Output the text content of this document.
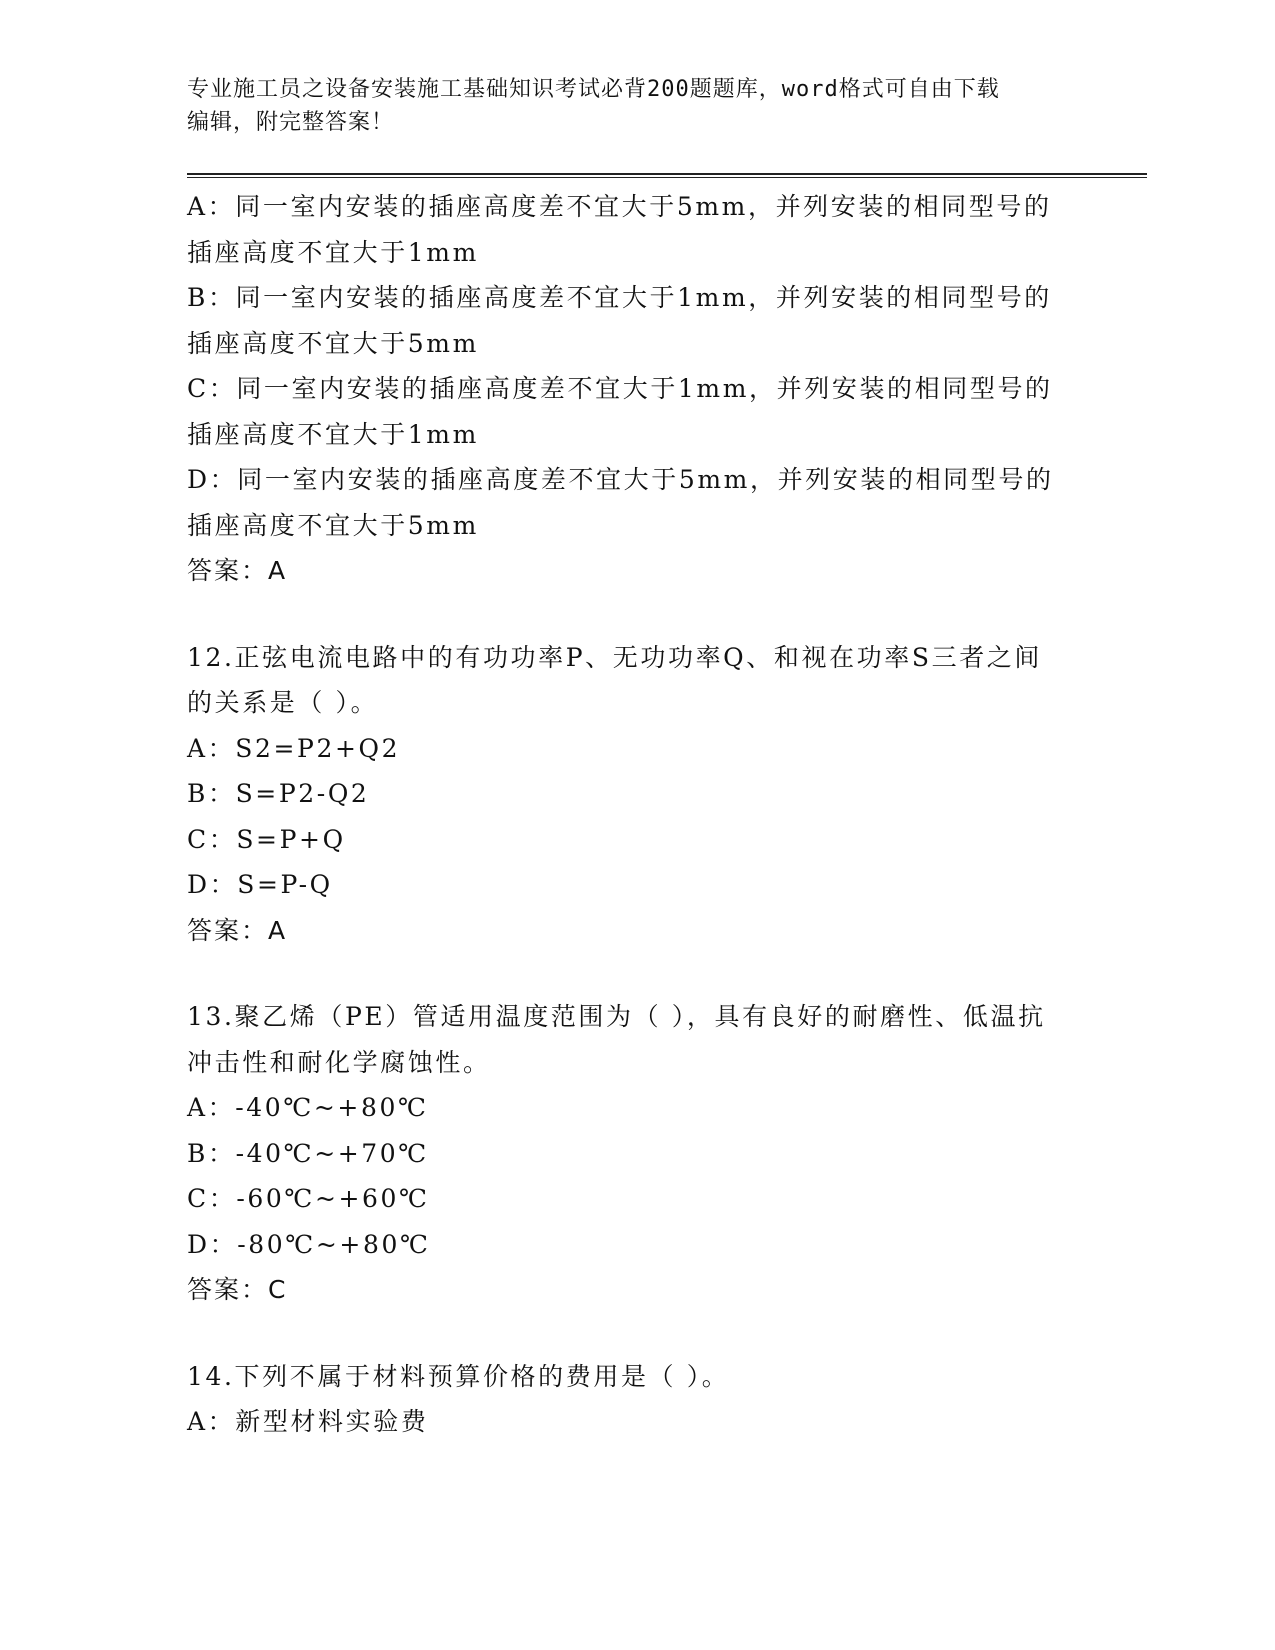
专业施工员之设备安装施工基础知识考试必背200题题库，word格式可自由下载
编辑，附完整答案！
A：同一室内安装的插座高度差不宜大于5mm，并列安装的相同型号的插座高度不宜大于1mm
B：同一室内安装的插座高度差不宜大于1mm，并列安装的相同型号的插座高度不宜大于5mm
C：同一室内安装的插座高度差不宜大于1mm，并列安装的相同型号的插座高度不宜大于1mm
D：同一室内安装的插座高度差不宜大于5mm，并列安装的相同型号的插座高度不宜大于5mm
答案：A
12.正弦电流电路中的有功功率P、无功功率Q、和视在功率S三者之间的关系是（ ）。
A：S2=P2+Q2
B：S=P2-Q2
C：S=P+Q
D：S=P-Q
答案：A
13.聚乙烯（PE）管适用温度范围为（ ），具有良好的耐磨性、低温抗冲击性和耐化学腐蚀性。
A：-40℃~+80℃
B：-40℃~+70℃
C：-60℃~+60℃
D：-80℃~+80℃
答案：C
14.下列不属于材料预算价格的费用是（ ）。
A：新型材料实验费
